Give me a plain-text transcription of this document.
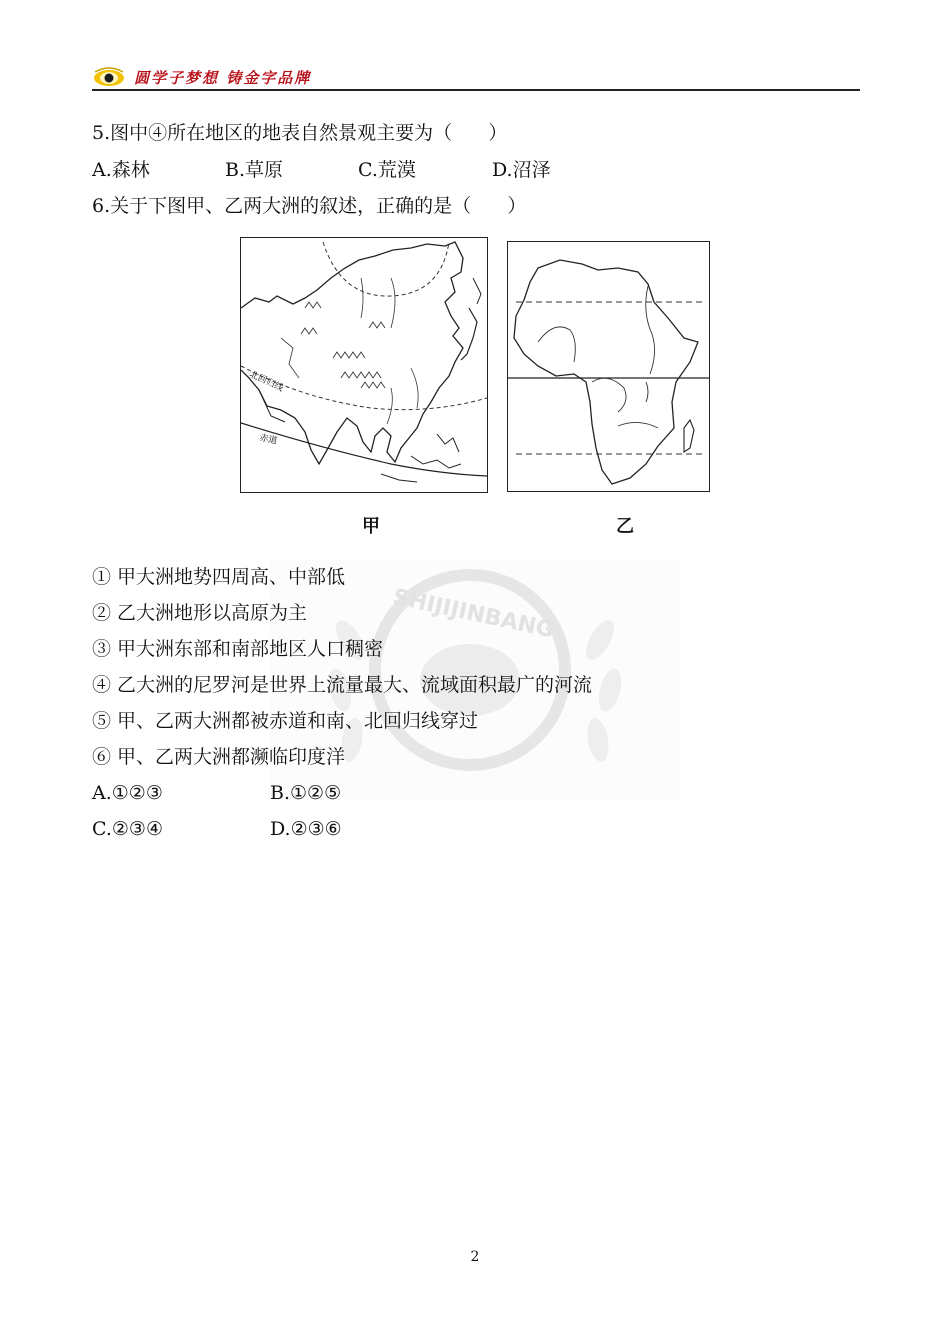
圆学子梦想 铸金字品牌
5.图中④所在地区的地表自然景观主要为（      ）
A.森林	B.草原	C.荒漠	D.沼泽
6.关于下图甲、乙两大洲的叙述，正确的是（      ）
北回归线
赤道
甲	乙
SHIJIJINBANG
① 甲大洲地势四周高、中部低
② 乙大洲地形以高原为主
③ 甲大洲东部和南部地区人口稠密
④ 乙大洲的尼罗河是世界上流量最大、流域面积最广的河流
⑤ 甲、乙两大洲都被赤道和南、北回归线穿过
⑥ 甲、乙两大洲都濒临印度洋
A.①②③	B.①②⑤
C.②③④	D.②③⑥
2
